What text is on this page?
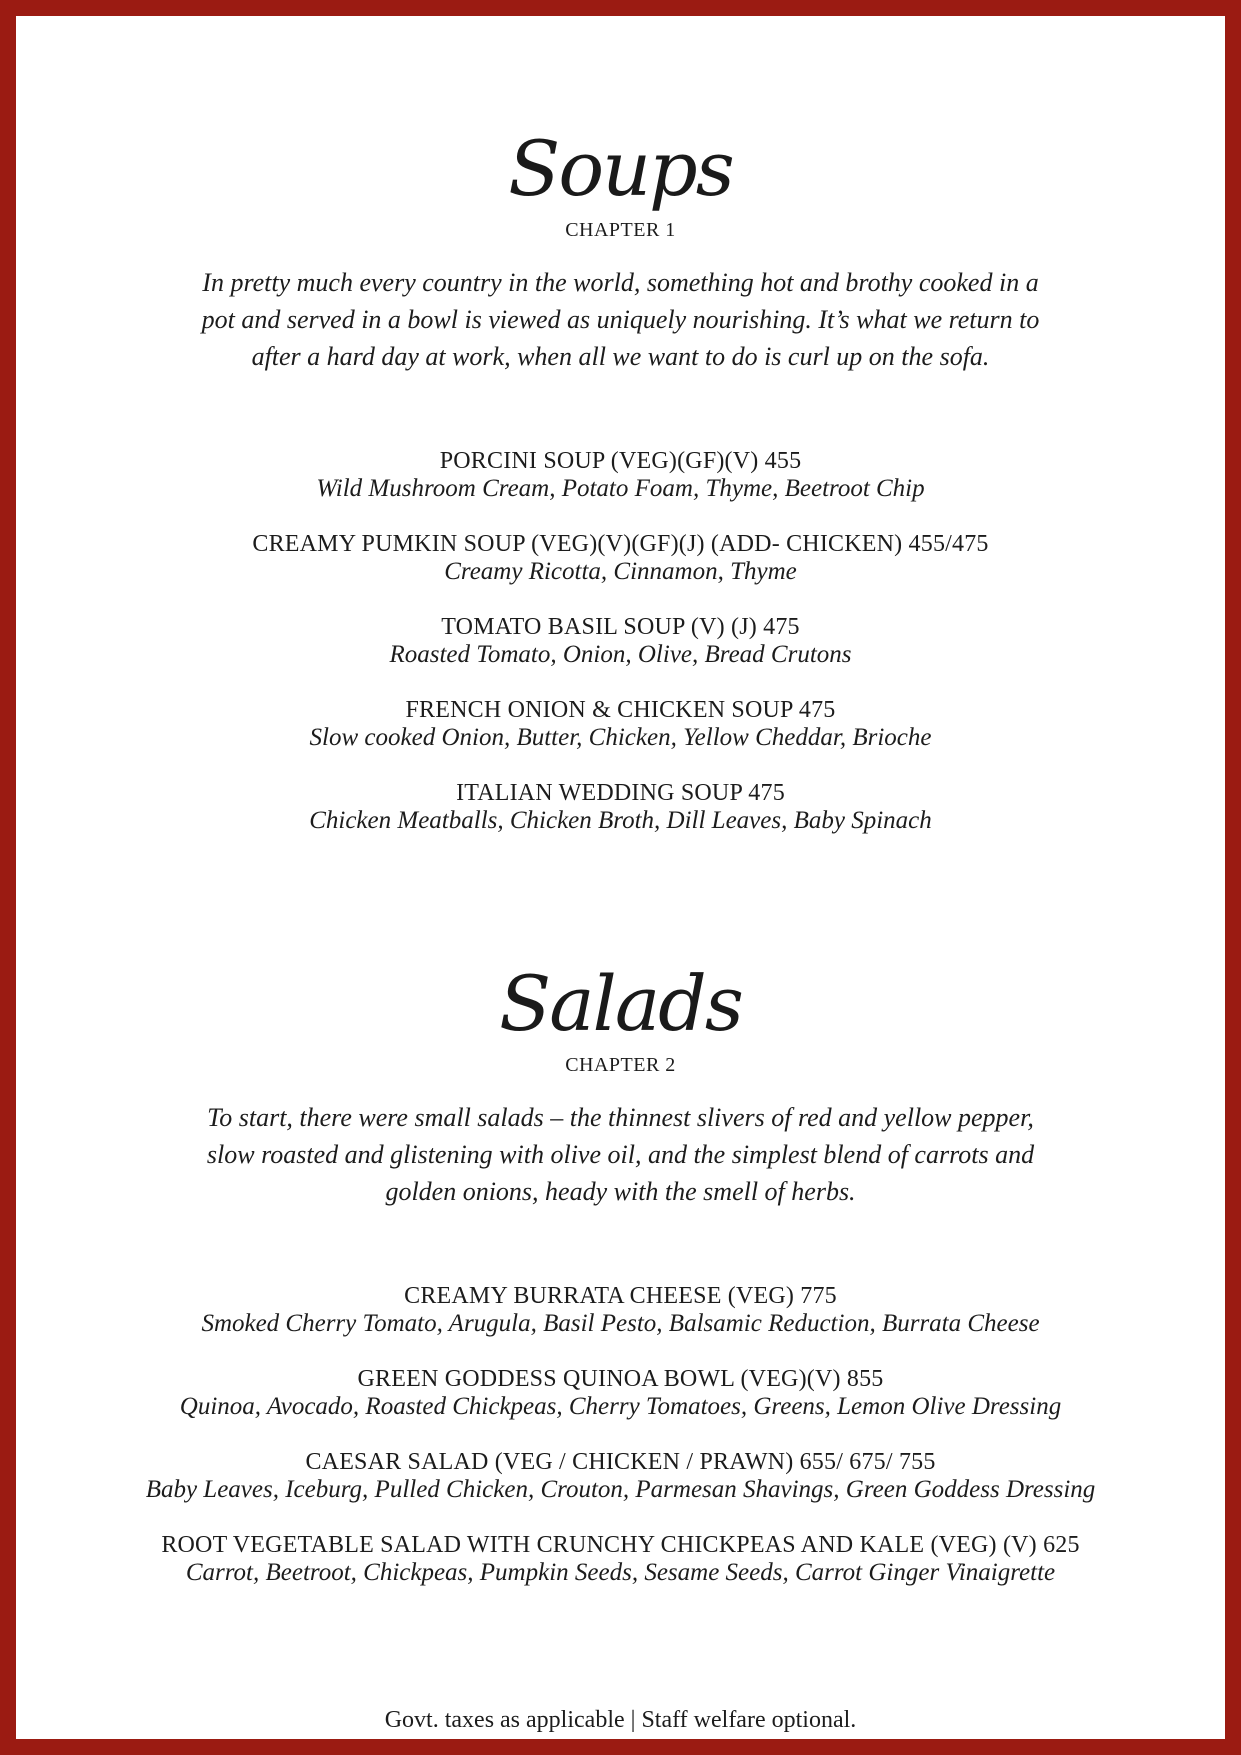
Soups
CHAPTER 1
In pretty much every country in the world, something hot and brothy cooked in a pot and served in a bowl is viewed as uniquely nourishing. It’s what we return to after a hard day at work, when all we want to do is curl up on the sofa.
PORCINI SOUP (VEG)(GF)(V) 455
Wild Mushroom Cream, Potato Foam, Thyme, Beetroot Chip
CREAMY PUMKIN SOUP (VEG)(V)(GF)(J) (ADD- CHICKEN) 455/475
Creamy Ricotta, Cinnamon, Thyme
TOMATO BASIL SOUP (V) (J) 475
Roasted Tomato, Onion, Olive, Bread Crutons
FRENCH ONION & CHICKEN SOUP 475
Slow cooked Onion, Butter, Chicken, Yellow Cheddar, Brioche
ITALIAN WEDDING SOUP 475
Chicken Meatballs, Chicken Broth, Dill Leaves, Baby Spinach
Salads
CHAPTER 2
To start, there were small salads – the thinnest slivers of red and yellow pepper, slow roasted and glistening with olive oil, and the simplest blend of carrots and golden onions, heady with the smell of herbs.
CREAMY BURRATA CHEESE (VEG) 775
Smoked Cherry Tomato, Arugula, Basil Pesto, Balsamic Reduction, Burrata Cheese
GREEN GODDESS QUINOA BOWL (VEG)(V) 855
Quinoa, Avocado, Roasted Chickpeas, Cherry Tomatoes, Greens, Lemon Olive Dressing
CAESAR SALAD (VEG / CHICKEN / PRAWN) 655/ 675/ 755
Baby Leaves, Iceburg, Pulled Chicken, Crouton, Parmesan Shavings, Green Goddess Dressing
ROOT VEGETABLE SALAD WITH CRUNCHY CHICKPEAS AND KALE (VEG) (V) 625
Carrot, Beetroot, Chickpeas, Pumpkin Seeds, Sesame Seeds, Carrot Ginger Vinaigrette
Govt. taxes as applicable | Staff welfare optional.
